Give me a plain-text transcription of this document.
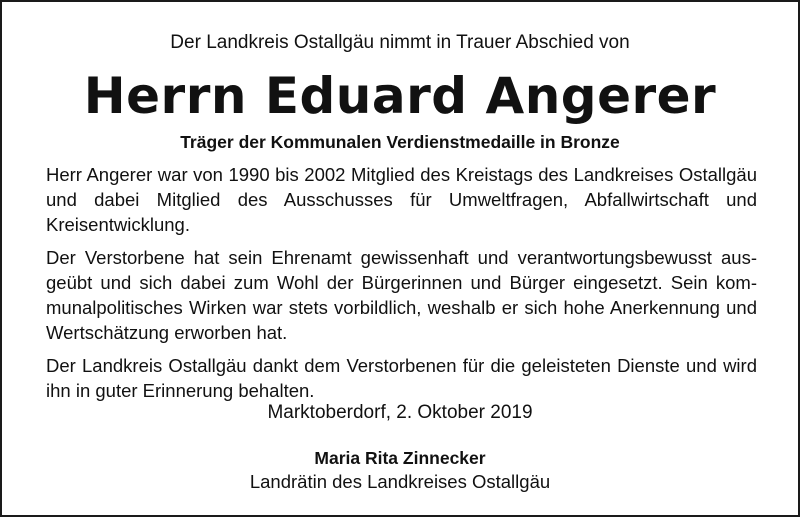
Der Landkreis Ostallgäu nimmt in Trauer Abschied von
Herrn Eduard Angerer
Träger der Kommunalen Verdienstmedaille in Bronze

Herr Angerer war von 1990 bis 2002 Mitglied des Kreistags des Landkreises Ostallgäu und dabei Mitglied des Ausschusses für Umweltfragen, Abfallwirtschaft und Kreisentwicklung.

Der Verstorbene hat sein Ehrenamt gewissenhaft und verantwortungsbewusst ausgeübt und sich dabei zum Wohl der Bürgerinnen und Bürger eingesetzt. Sein kommunalpolitisches Wirken war stets vorbildlich, weshalb er sich hohe Anerkennung und Wertschätzung erworben hat.

Der Landkreis Ostallgäu dankt dem Verstorbenen für die geleisteten Dienste und wird ihn in guter Erinnerung behalten.

Marktoberdorf, 2. Oktober 2019
Maria Rita Zinnecker
Landrätin des Landkreises Ostallgäu
